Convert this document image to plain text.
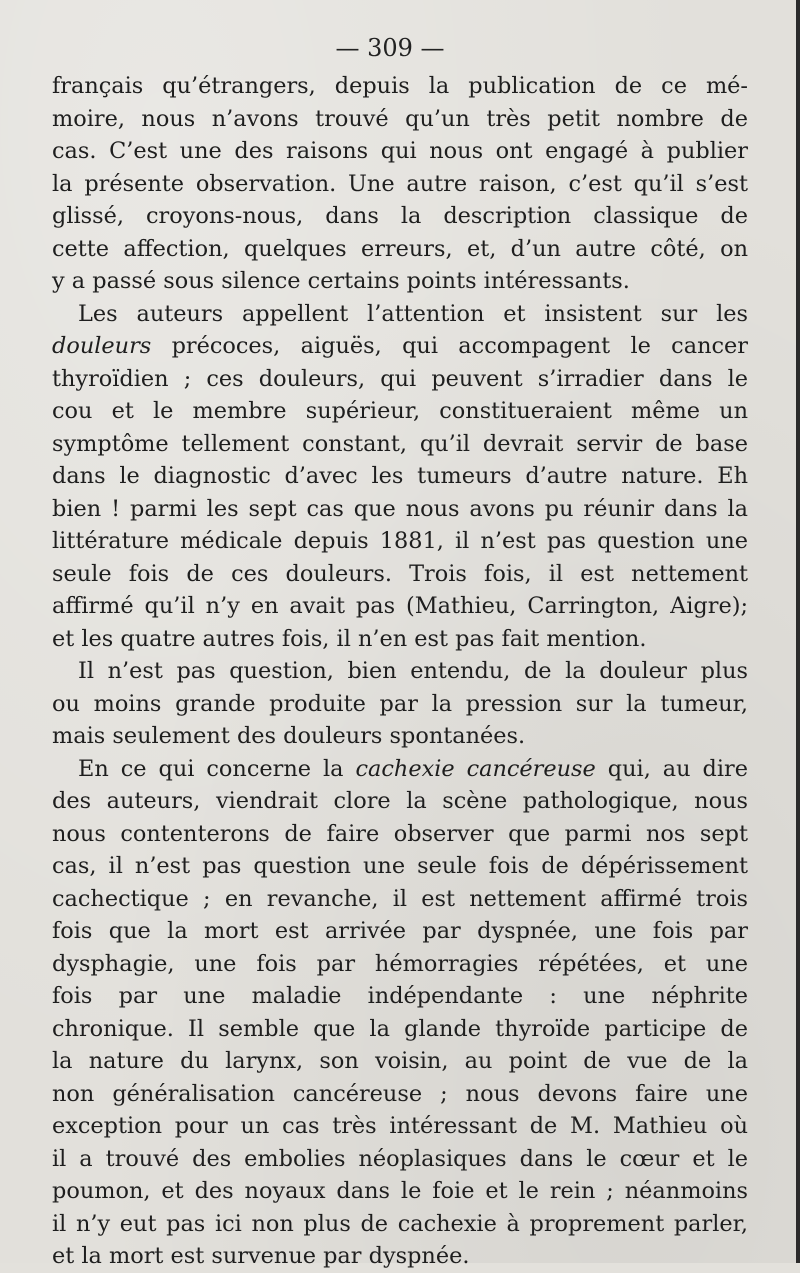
— 309 —

français qu’étrangers, depuis la publication de ce mé-
moire, nous n’avons trouvé qu’un très petit nombre de
cas. C’est une des raisons qui nous ont engagé à publier
la présente observation. Une autre raison, c’est qu’il s’est
glissé, croyons-nous, dans la description classique de
cette affection, quelques erreurs, et, d’un autre côté, on
y a passé sous silence certains points intéressants.

Les auteurs appellent l’attention et insistent sur les
douleurs précoces, aiguës, qui accompagent le cancer
thyroïdien ; ces douleurs, qui peuvent s’irradier dans le
cou et le membre supérieur, constitueraient même un
symptôme tellement constant, qu’il devrait servir de base
dans le diagnostic d’avec les tumeurs d’autre nature. Eh
bien ! parmi les sept cas que nous avons pu réunir dans la
littérature médicale depuis 1881, il n’est pas question une
seule fois de ces douleurs. Trois fois, il est nettement
affirmé qu’il n’y en avait pas (Mathieu, Carrington, Aigre);
et les quatre autres fois, il n’en est pas fait mention.

Il n’est pas question, bien entendu, de la douleur plus
ou moins grande produite par la pression sur la tumeur,
mais seulement des douleurs spontanées.

En ce qui concerne la cachexie cancéreuse qui, au dire
des auteurs, viendrait clore la scène pathologique, nous
nous contenterons de faire observer que parmi nos sept
cas, il n’est pas question une seule fois de dépérissement
cachectique ; en revanche, il est nettement affirmé trois
fois que la mort est arrivée par dyspnée, une fois par
dysphagie, une fois par hémorragies répétées, et une
fois par une maladie indépendante : une néphrite
chronique. Il semble que la glande thyroïde participe de
la nature du larynx, son voisin, au point de vue de la
non généralisation cancéreuse ; nous devons faire une
exception pour un cas très intéressant de M. Mathieu où
il a trouvé des embolies néoplasiques dans le cœur et le
poumon, et des noyaux dans le foie et le rein ; néanmoins
il n’y eut pas ici non plus de cachexie à proprement parler,
et la mort est survenue par dyspnée.
